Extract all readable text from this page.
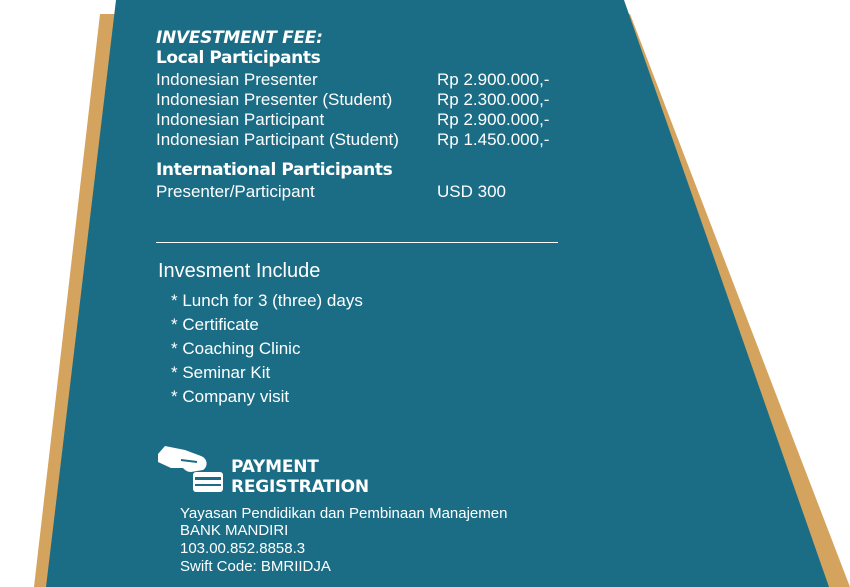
INVESTMENT FEE:
Local Participants
Indonesian Presenter	Rp 2.900.000,-
Indonesian Presenter (Student)	Rp 2.300.000,-
Indonesian Participant	Rp 2.900.000,-
Indonesian Participant (Student) Rp 1.450.000,-
International Participants
Presenter/Participant	USD 300
Invesment Include
* Lunch for 3 (three) days
* Certificate
* Coaching Clinic
* Seminar Kit
* Company visit
PAYMENT
REGISTRATION
Yayasan Pendidikan dan Pembinaan Manajemen
BANK MANDIRI
103.00.852.8858.3
Swift Code: BMRIIDJA
